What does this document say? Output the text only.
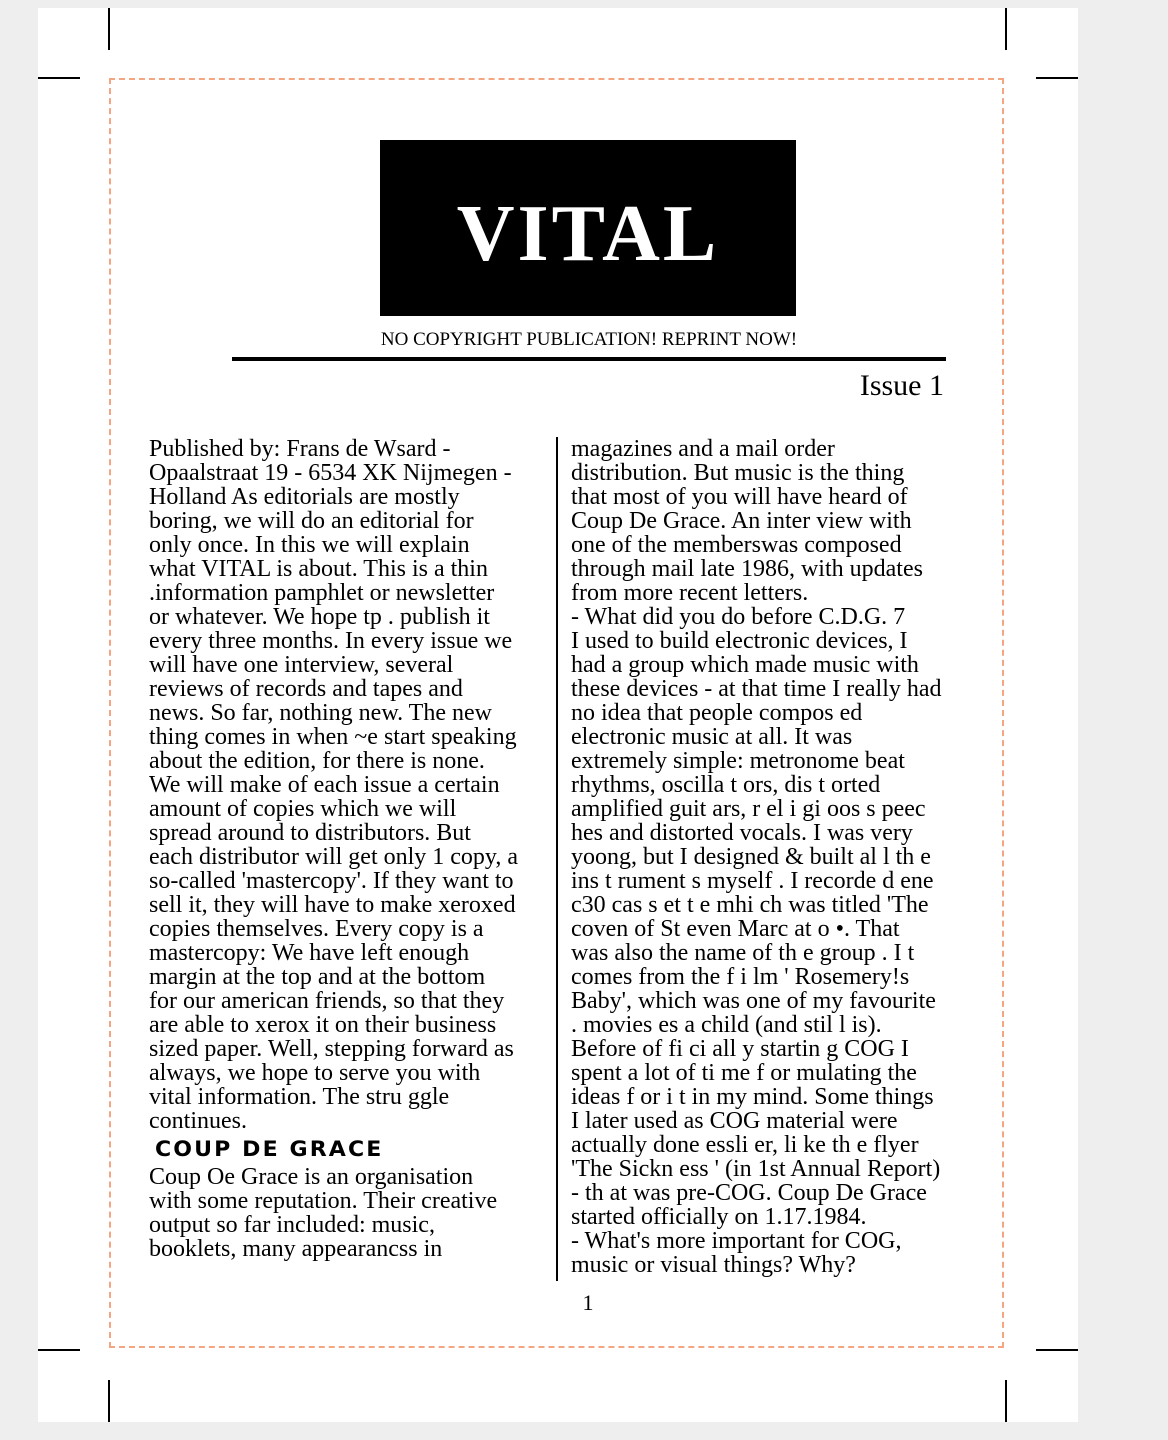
VITAL
NO COPYRIGHT PUBLICATION! REPRINT NOW!
Issue 1
Published by: Frans de Wsard -
Opaalstraat 19 - 6534 XK Nijmegen -
Holland As editorials are mostly
boring, we will do an editorial for
only once. In this we will explain
what VITAL is about. This is a thin
.information pamphlet or newsletter
or whatever. We hope tp . publish it
every three months. In every issue we
will have one interview, several
reviews of records and tapes and
news. So far, nothing new. The new
thing comes in when ~e start speaking
about the edition, for there is none.
We will make of each issue a certain
amount of copies which we will
spread around to distributors. But
each distributor will get only 1 copy, a
so-called 'mastercopy'. If they want to
sell it, they will have to make xeroxed
copies themselves. Every copy is a
mastercopy: We have left enough
margin at the top and at the bottom
for our american friends, so that they
are able to xerox it on their business
sized paper. Well, stepping forward as
always, we hope to serve you with
vital information. The stru ggle
continues.
COUP DE GRACE
Coup Oe Grace is an organisation
with some reputation. Their creative
output so far included: music,
booklets, many appearancss in
magazines and a mail order
distribution. But music is the thing
that most of you will have heard of
Coup De Grace. An inter view with
one of the memberswas composed
through mail late 1986, with updates
from more recent letters.
- What did you do before C.D.G. 7
I used to build electronic devices, I
had a group which made music with
these devices - at that time I really had
no idea that people compos ed
electronic music at all. It was
extremely simple: metronome beat
rhythms, oscilla t ors, dis t orted
amplified guit ars, r el i gi oos s peec
hes and distorted vocals. I was very
yoong, but I designed & built al l th e
ins t rument s myself . I recorde d ene
c30 cas s et t e mhi ch was titled 'The
coven of St even Marc at o •. That
was also the name of th e group . I t
comes from the f i lm ' Rosemery!s
Baby', which was one of my favourite
. movies es a child (and stil l is).
Before of fi ci all y startin g COG I
spent a lot of ti me f or mulating the
ideas f or i t in my mind. Some things
I later used as COG material were
actually done essli er, li ke th e flyer
'The Sickn ess ' (in 1st Annual Report)
- th at was pre-COG. Coup De Grace
started officially on 1.17.1984.
- What's more important for COG,
music or visual things? Why?
1
